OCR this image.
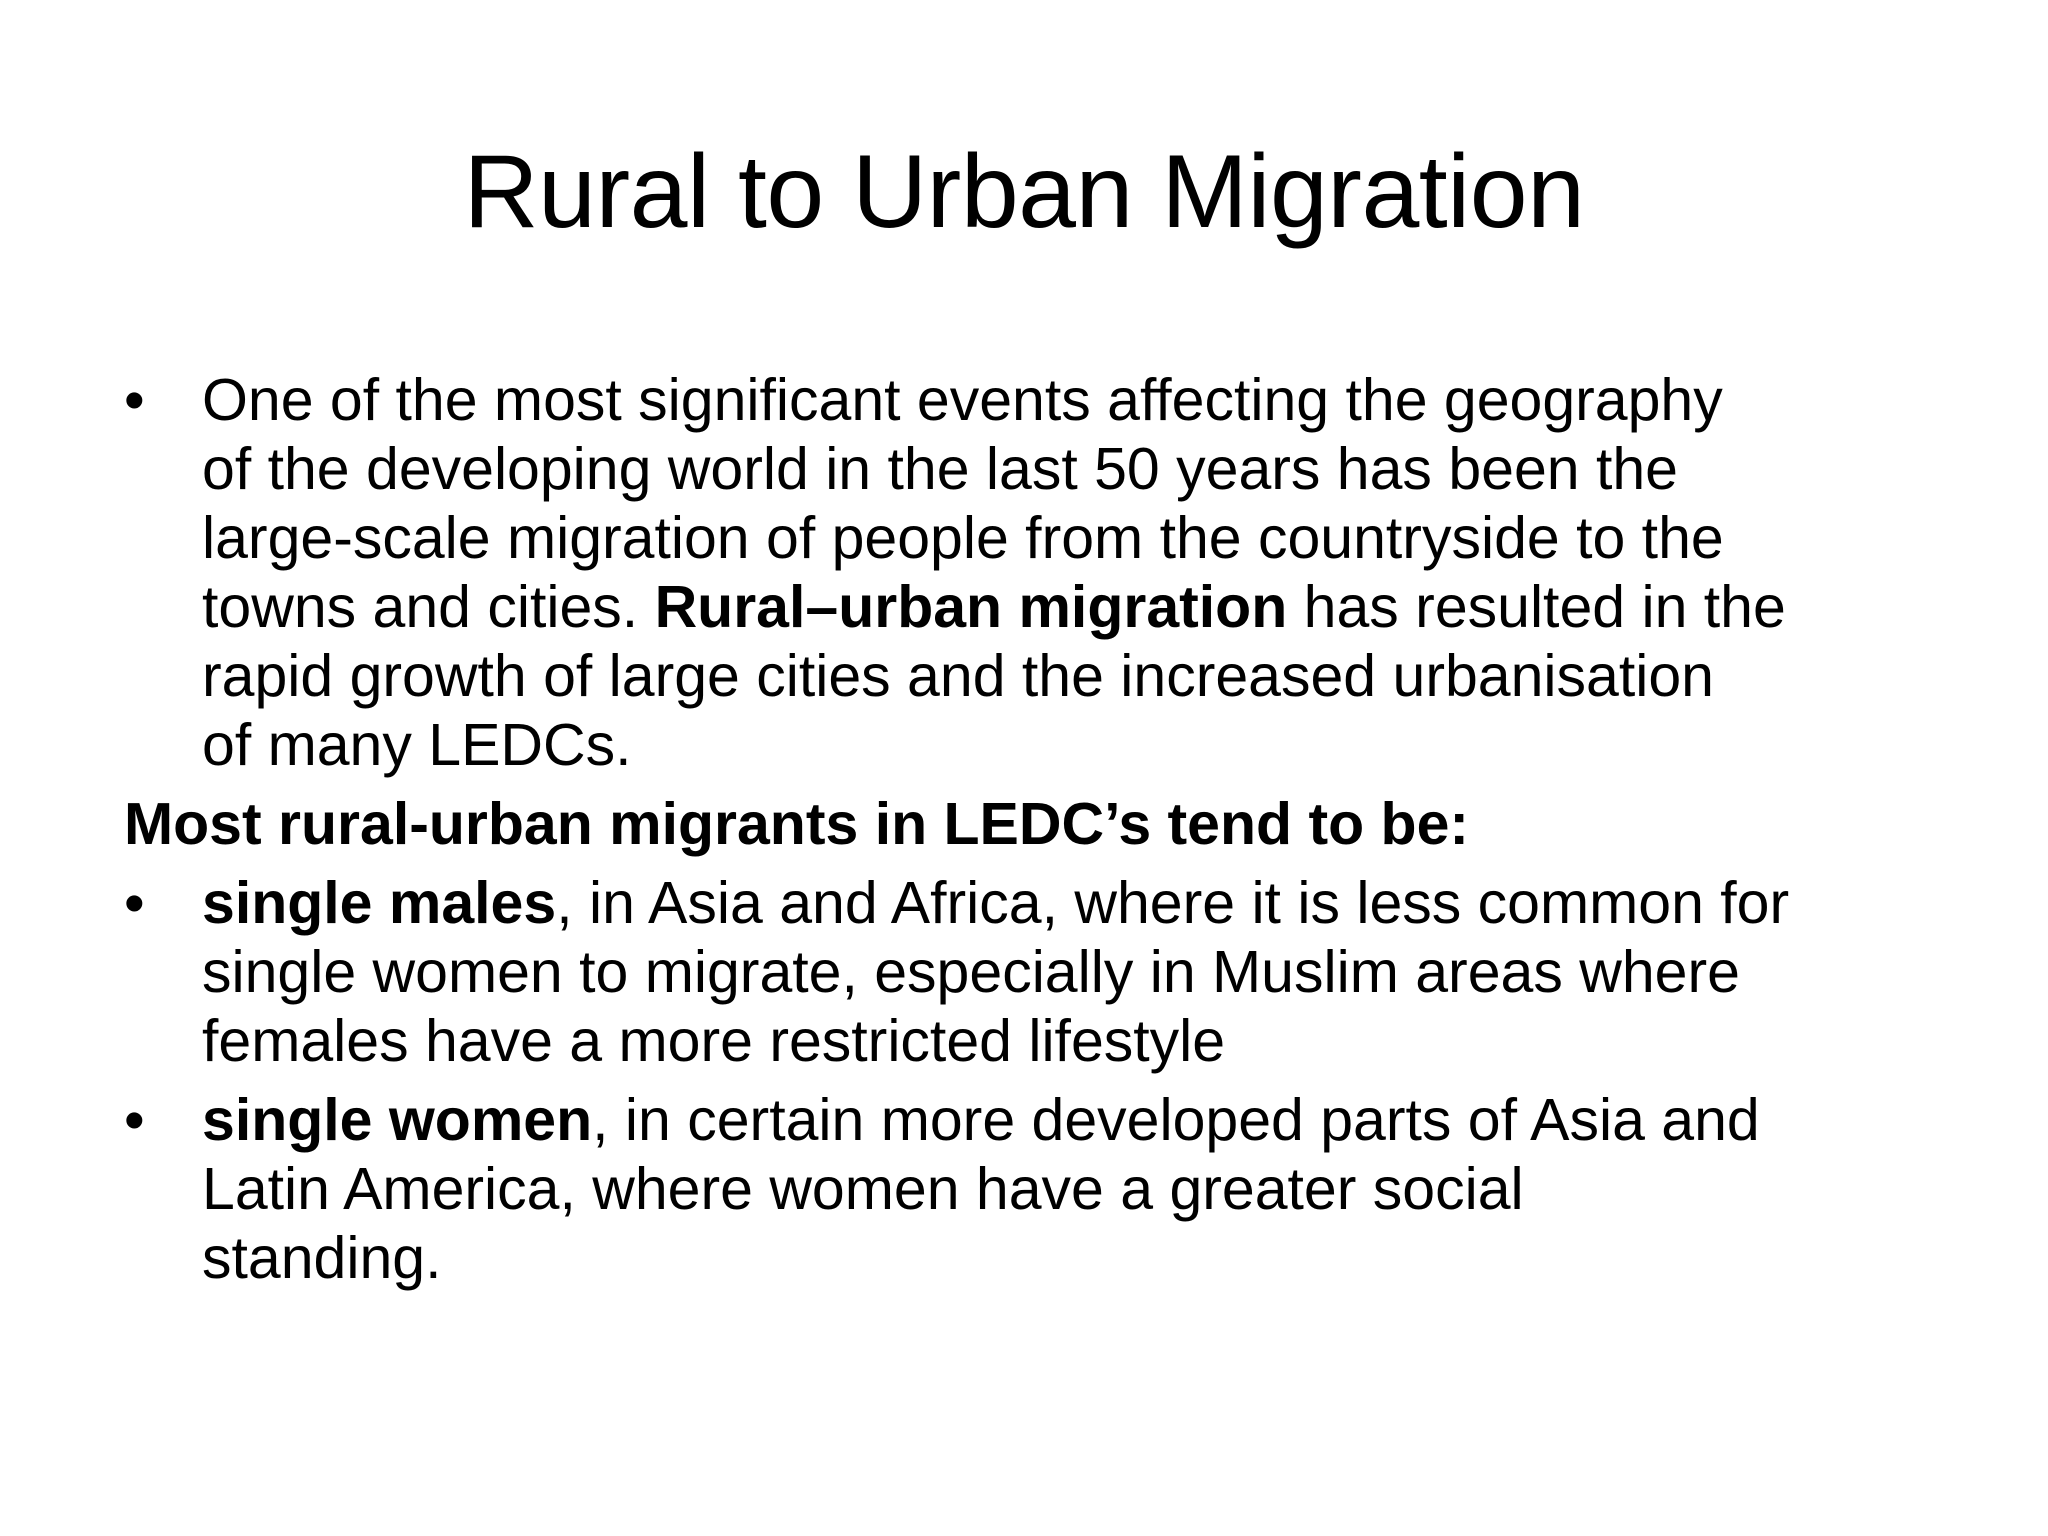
Rural to Urban Migration
• One of the most significant events affecting the geography
of the developing world in the last 50 years has been the
large-scale migration of people from the countryside to the
towns and cities. Rural–urban migration has resulted in the
rapid growth of large cities and the increased urbanisation
of many LEDCs.
Most rural-urban migrants in LEDC’s tend to be:
• single males, in Asia and Africa, where it is less common for
single women to migrate, especially in Muslim areas where
females have a more restricted lifestyle
• single women, in certain more developed parts of Asia and
Latin America, where women have a greater social
standing.
